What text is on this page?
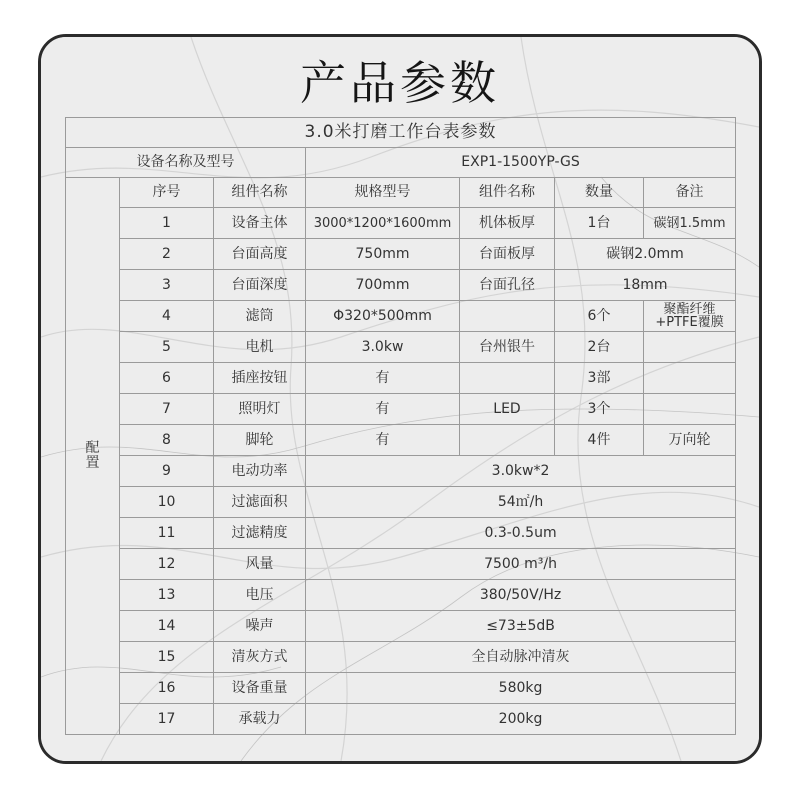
产品参数
3.0米打磨工作台表参数						
设备名称及型号			EXP1-1500YP-GS			
配置	序号	组件名称	规格型号	组件名称	数量	备注
	1	设备主体	3000*1200*1600mm	机体板厚	1台	碳钢1.5mm
	2	台面高度	750mm	台面板厚	碳钢2.0mm	
	3	台面深度	700mm	台面孔径	18mm	
	4	滤筒	Φ320*500mm		6个	聚酯纤维+PTFE覆膜
	5	电机	3.0kw	台州银牛	2台	
	6	插座按钮	有		3部	
	7	照明灯	有	LED	3个	
	8	脚轮	有		4件	万向轮
	9	电动功率	3.0kw*2			
	10	过滤面积	54㎡/h			
	11	过滤精度	0.3-0.5um			
	12	风量	7500 m³/h			
	13	电压	380/50V/Hz			
	14	噪声	≤73±5dB			
	15	清灰方式	全自动脉冲清灰			
	16	设备重量	580kg			
	17	承载力	200kg			
